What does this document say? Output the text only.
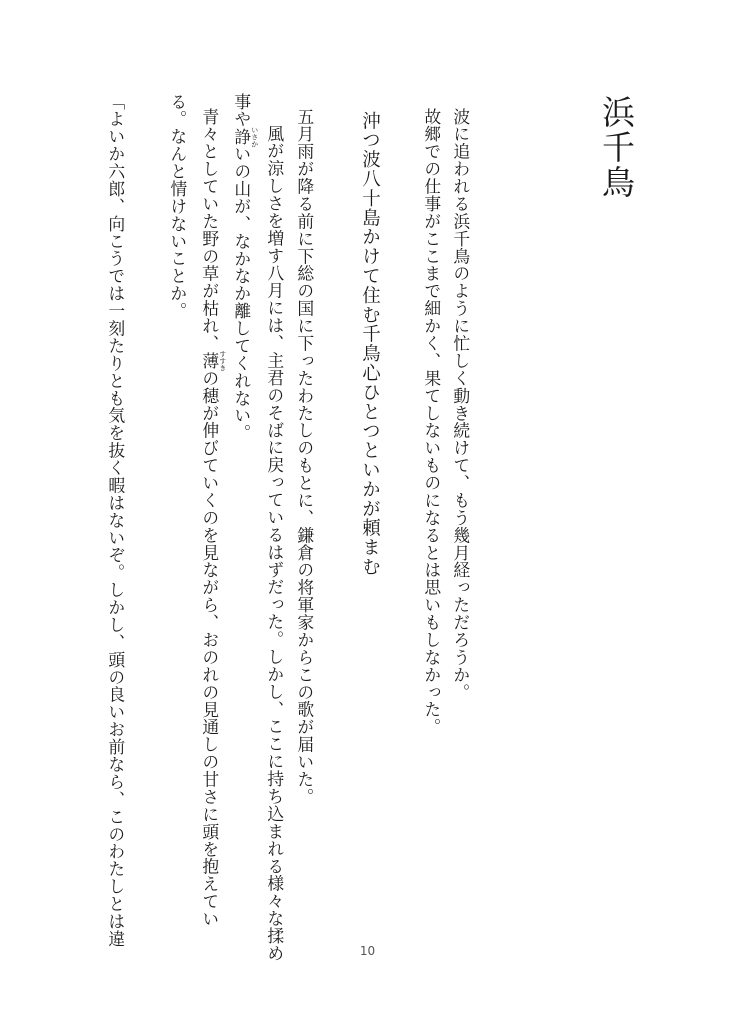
浜千鳥
波に追われる浜千鳥のように忙しく動き続けて、もう幾月経っただろうか。
故郷での仕事がここまで細かく、果てしないものになるとは思いもしなかった。
沖つ波八十島かけて住む千鳥心ひとつといかが頼まむ
五月雨が降る前に下総の国に下ったわたしのもとに、鎌倉の将軍家からこの歌が届いた。
風が涼しさを増す八月には、主君のそばに戻っているはずだった。しかし、ここに持ち込まれる様々な揉め
事や諍 いさかいの山が、なかなか離してくれない。
青々としていた野の草が枯れ、薄 すすきの穂が伸びていくのを見ながら、おのれの見通しの甘さに頭を抱えてい
る。なんと情けないことか。
「よいか六郎、向こうでは一刻たりとも気を抜く暇はないぞ。しかし、頭の良いお前なら、このわたしとは違
10
